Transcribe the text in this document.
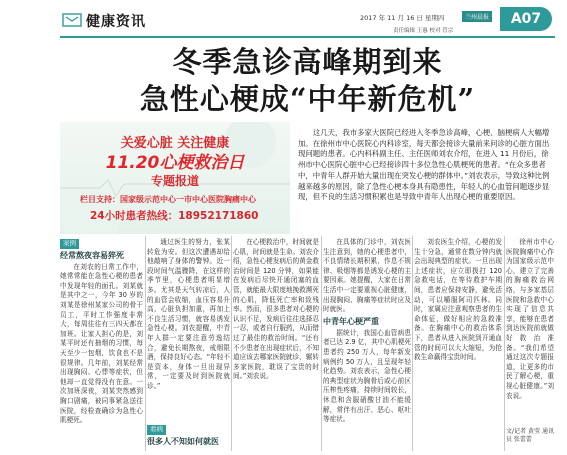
健康资讯	2017 年 11 月 16 日 星期四	兰州晨报
责任编辑 王惠 校对 管宗
A07
冬季急诊高峰期到来
急性心梗成“中年新危机”
关爱心脏 关注健康
11.20心梗救治日
专题报道
栏目支持：国家级示范中心一市中心医院胸痛中心
24小时患者热线：18952171860

这几天，我市多家大医院已经进入冬季急诊高峰，心梗、脑梗病人大幅增加。在徐州市中心医院心内科诊室，每天都会接诊大量前来问诊的心脏方面出现问题的患者。心内科科副主任、主任医师刘农介绍，在进入 11 月份后，徐州市中心医院心脏中心已经接诊四十多位急性心肌梗死的患者。“在众多患者中，中青年人群开始大量出现在突发心梗的群体中。”刘农表示，导致这种比例越来越多的原因，除了急性心梗本身具有隐患性，年轻人的心血管问题逐步显现，但不良的生活习惯积累也是导致中青年人出现心梗的重要原因。

案例
经常熬夜容易猝死

在刘农的日常工作中，她常常能在急性心梗的患者中发现年轻的面孔。刘某就是其中之一，今年 30 岁的刘某是徐州某家公司的骨干员工，平时工作强度非常大，每周往往有三四天都在加班。让家人担心的是，刘某平时还有抽烟的习惯，每天至少一包烟，饮食也不是很规律。几年前，刘某经常出现胸闷、心悸等症状，但他却一直觉得没有在意。一次加班深夜，刘某突然感到胸口剧痛，被同事紧急送往医院，经检查确诊为急性心肌梗死。

通过医生的努力，张某转危为安。但这次遭遇却给他敲响了身体的警钟。近一段时间气温骤降，在这样的季节里，心梗患者明显增多。尤其是天气转凉后，人的血管会收缩，血压容易升高，心脏负担加重，再加上不良生活习惯，就容易诱发急性心梗。刘农提醒，中青年人群一定要注意劳逸结合，避免长期熬夜，戒烟限酒，保持良好心态。“年轻不是资本，身体一旦出现异常，一定要及时到医院就诊。”

看病
很多人不知如何就医

在心梗救治中，时间就是心肌，时间就是生命。刘农介绍，急性心梗发病后的黄金救治时间是 120 分钟，如果能在发病后尽快开通闭塞的血管，就能最大限度地挽救濒死的心肌，降低死亡率和致残率。然而，很多患者对心梗的认识不足，发病后往往选择忍一忍，或者自行服药，从而错过了最佳的救治时间。“还有不少患者在出现症状后，不知道应该去哪家医院就诊，辗转多家医院，耽误了宝贵的时间。”刘农说。

在具体的门诊中，刘农医生注意到，她的心梗患者中，不良情绪长期积累、作息不规律、吸烟等都是诱发心梗的主要因素。她提醒，大家在日常生活中一定要重视心脏健康，出现胸闷、胸痛等症状时应及时就医。

中青年心梗严重

据统计，我国心血管病患者已达 2.9 亿，其中心肌梗死患者约 250 万人，每年新发病例约 50 万人，且呈现年轻化趋势。刘农表示，急性心梗的典型症状为胸骨后或心前区压榨性疼痛，持续时间较长，休息和含服硝酸甘油不能缓解，常伴有出汗、恶心、呕吐等症状。

刘农医生介绍，心梗的发生十分急，通常在数分钟内就会出现典型的症状。一旦出现上述症状，应立即拨打 120 急救电话，在等待救护车期间，患者应保持安静，避免活动，可以嚼服阿司匹林。同时，家属应注意观察患者的生命体征，做好相应的急救准备。在胸痛中心的救治体系下，患者从进入医院到开通血管的时间可以大大缩短，为抢救生命赢得宝贵时间。

徐州市中心医院胸痛中心作为国家级示范中心，建立了完善的胸痛救治网络，与多家基层医院和急救中心实现了信息共享，能够在患者到达医院前就做好救治准备。“我们希望通过这次专题报道，让更多的市民了解心梗，重视心脏健康。”刘农说。

文/记者 黄莹 通讯员 张蕾蕾
